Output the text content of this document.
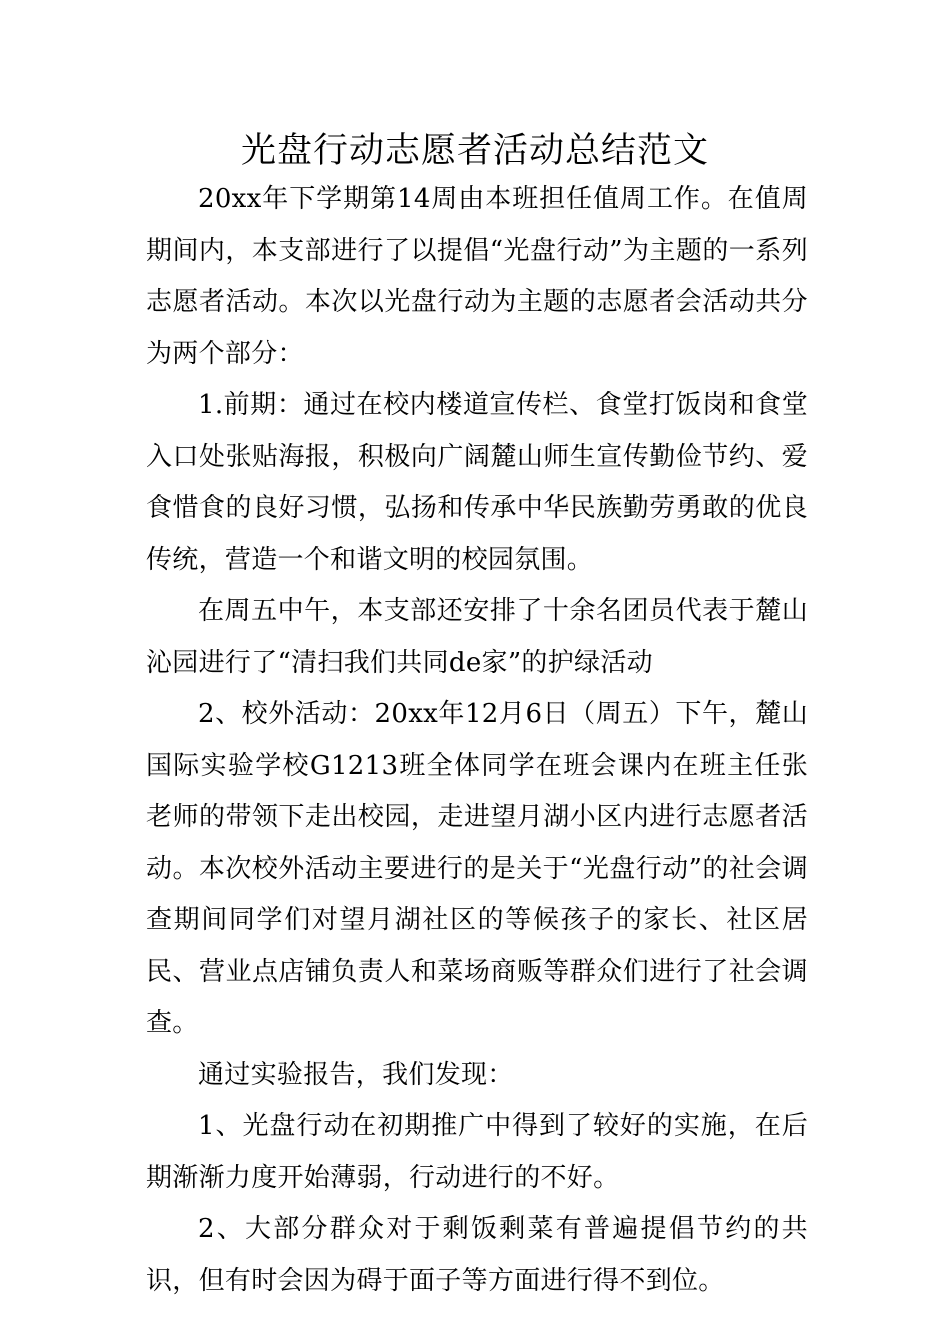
光盘行动志愿者活动总结范文

20xx年下学期第14周由本班担任值周工作。在值周期间内，本支部进行了以提倡“光盘行动”为主题的一系列志愿者活动。本次以光盘行动为主题的志愿者会活动共分为两个部分：

1.前期：通过在校内楼道宣传栏、食堂打饭岗和食堂入口处张贴海报，积极向广阔麓山师生宣传勤俭节约、爱食惜食的良好习惯，弘扬和传承中华民族勤劳勇敢的优良传统，营造一个和谐文明的校园氛围。

在周五中午，本支部还安排了十余名团员代表于麓山沁园进行了“清扫我们共同de家”的护绿活动

2、校外活动：20xx年12月6日（周五）下午，麓山国际实验学校G1213班全体同学在班会课内在班主任张老师的带领下走出校园，走进望月湖小区内进行志愿者活动。本次校外活动主要进行的是关于“光盘行动”的社会调查期间同学们对望月湖社区的等候孩子的家长、社区居民、营业点店铺负责人和菜场商贩等群众们进行了社会调查。

通过实验报告，我们发现：

1、光盘行动在初期推广中得到了较好的实施，在后期渐渐力度开始薄弱，行动进行的不好。

2、大部分群众对于剩饭剩菜有普遍提倡节约的共识，但有时会因为碍于面子等方面进行得不到位。
